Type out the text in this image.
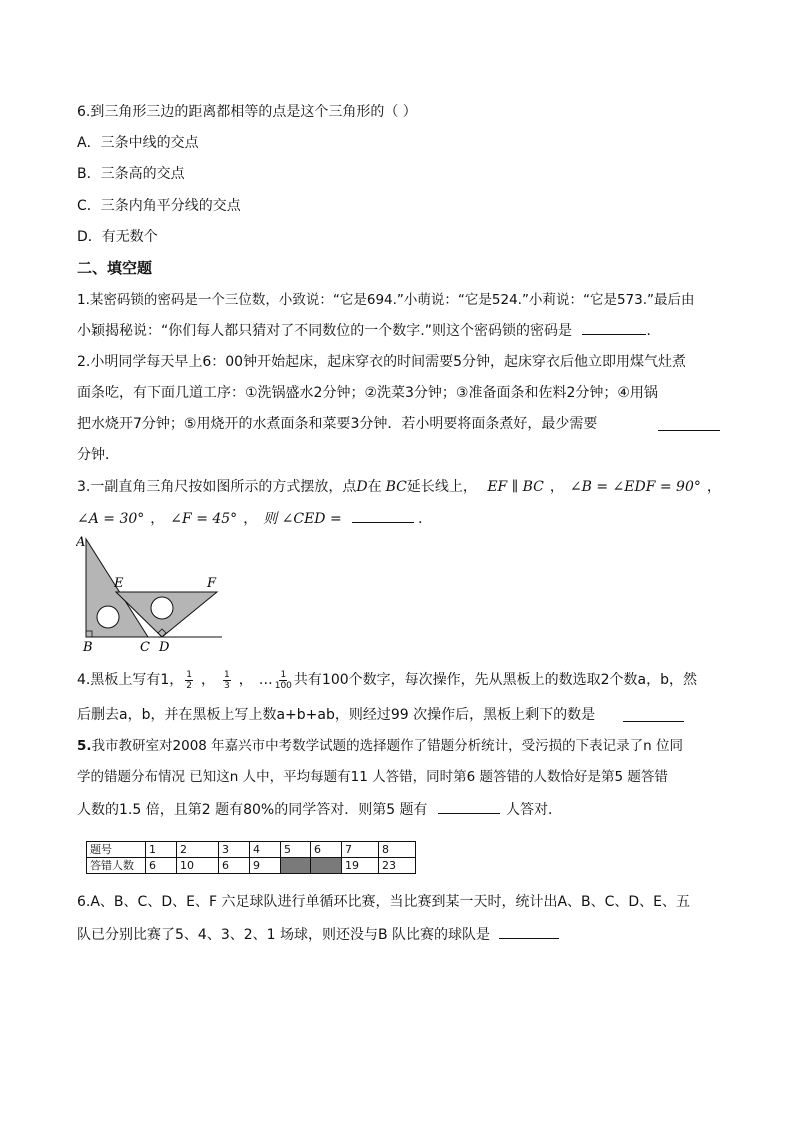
6.到三角形三边的距离都相等的点是这个三角形的（ ）
A．三条中线的交点
B．三条高的交点
C．三条内角平分线的交点
D．有无数个
二、填空题
1.某密码锁的密码是一个三位数，小致说：“它是694.”小萌说：“它是524.”小莉说：“它是573.”最后由
小颖揭秘说：“你们每人都只猜对了不同数位的一个数字.”则这个密码锁的密码是	.
2.小明同学每天早上6：00钟开始起床，起床穿衣的时间需要5分钟，起床穿衣后他立即用煤气灶煮
面条吃，有下面几道工序：①洗锅盛水2分钟；②洗菜3分钟；③准备面条和佐料2分钟；④用锅
把水烧开7分钟；⑤用烧开的水煮面条和菜要3分钟．若小明要将面条煮好，最少需要
分钟．
3.一副直角三角尺按如图所示的方式摆放，点D在 BC延长线上， EF ∥ BC ， ∠B = ∠EDF = 90° ，
∠A = 30° ， ∠F = 45° ， 则 ∠CED =	．
A
B	C D
E	F
4.黑板上写有1， $\frac{1}{2}$ ， $\frac{1}{3}$ ， … $\frac{1}{100}$ 共有100个数字，每次操作，先从黑板上的数选取2个数a，b，然
后删去a，b，并在黑板上写上数a+b+ab，则经过99 次操作后，黑板上剩下的数是
5.我市教研室对2008 年嘉兴市中考数学试题的选择题作了错题分析统计，受污损的下表记录了n 位同
学的错题分布情况 已知这n 人中，平均每题有11 人答错，同时第6 题答错的人数恰好是第5 题答错
人数的1.5 倍，且第2 题有80%的同学答对．则第5 题有	人答对．
题号	1	2	3	4	5	6	7	8
答错人数	6	10	6	9			19	23
6.A、B、C、D、E、F 六足球队进行单循环比赛，当比赛到某一天时，统计出A、B、C、D、E、五
队已分别比赛了5、4、3、2、1 场球，则还没与B 队比赛的球队是
